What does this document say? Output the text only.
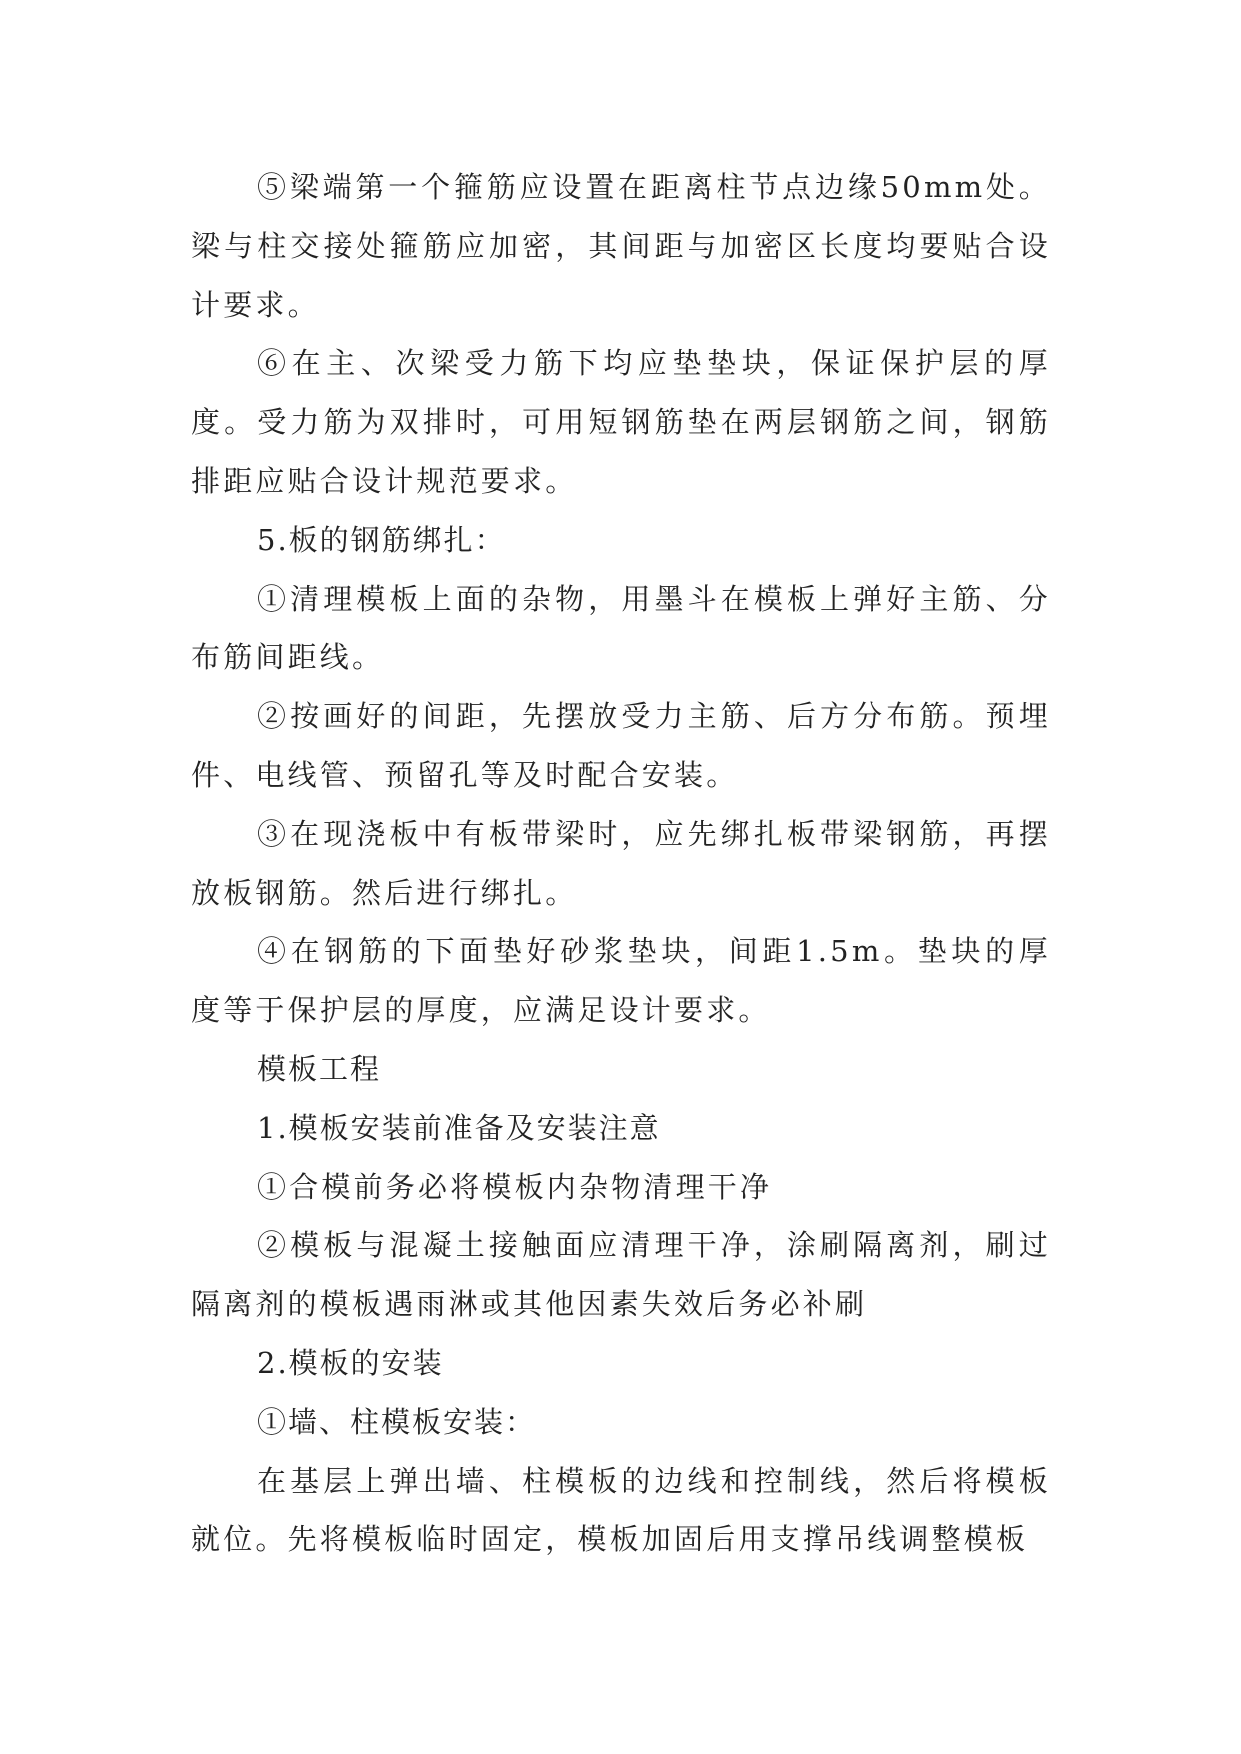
⑤梁端第一个箍筋应设置在距离柱节点边缘50mm处。梁与柱交接处箍筋应加密，其间距与加密区长度均要贴合设计要求。

⑥在主、次梁受力筋下均应垫垫块，保证保护层的厚度。受力筋为双排时，可用短钢筋垫在两层钢筋之间，钢筋排距应贴合设计规范要求。

5.板的钢筋绑扎：

①清理模板上面的杂物，用墨斗在模板上弹好主筋、分布筋间距线。

②按画好的间距，先摆放受力主筋、后方分布筋。预埋件、电线管、预留孔等及时配合安装。

③在现浇板中有板带梁时，应先绑扎板带梁钢筋，再摆放板钢筋。然后进行绑扎。

④在钢筋的下面垫好砂浆垫块，间距1.5m。垫块的厚度等于保护层的厚度，应满足设计要求。

模板工程

1.模板安装前准备及安装注意

①合模前务必将模板内杂物清理干净

②模板与混凝土接触面应清理干净，涂刷隔离剂，刷过隔离剂的模板遇雨淋或其他因素失效后务必补刷

2.模板的安装

①墙、柱模板安装：

在基层上弹出墙、柱模板的边线和控制线，然后将模板就位。先将模板临时固定，模板加固后用支撑吊线调整模板
